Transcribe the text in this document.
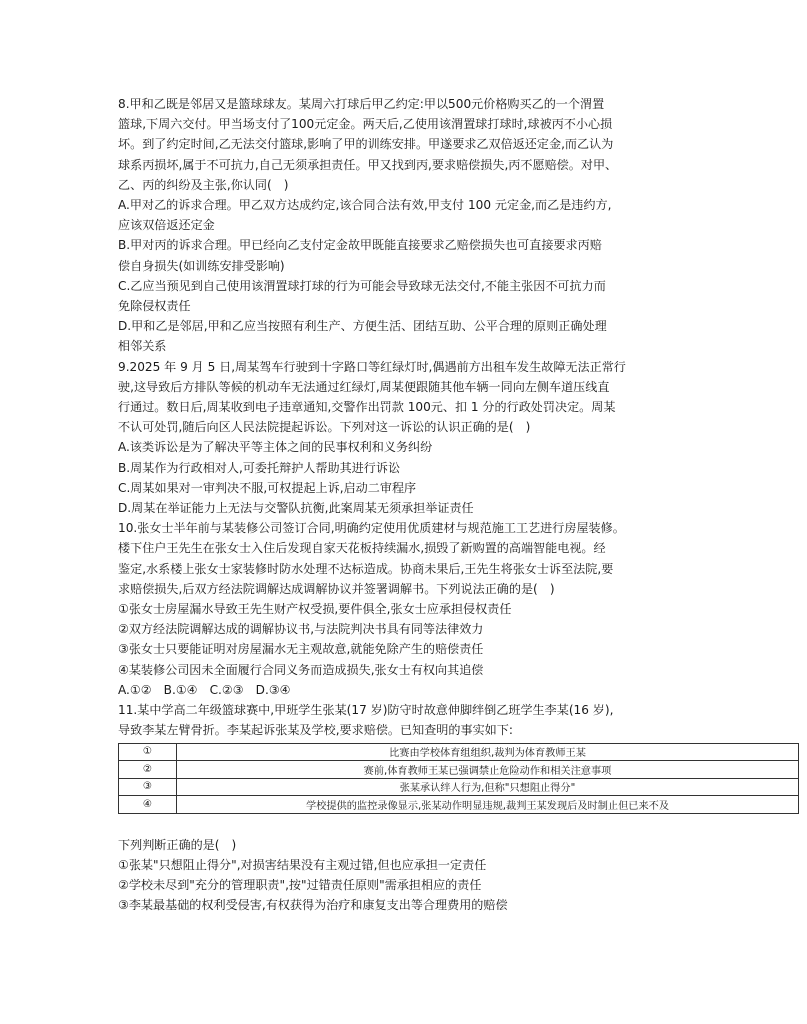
8.甲和乙既是邻居又是篮球球友。某周六打球后甲乙约定:甲以500元价格购买乙的一个渭置
篮球,下周六交付。甲当场支付了100元定金。两天后,乙使用该渭置球打球时,球被丙不小心损
坏。到了约定时间,乙无法交付篮球,影响了甲的训练安排。甲遂要求乙双倍返还定金,而乙认为
球系丙损坏,属于不可抗力,自己无须承担责任。甲又找到丙,要求赔偿损失,丙不愿赔偿。对甲、
乙、丙的纠纷及主张,你认同(　)
A.甲对乙的诉求合理。甲乙双方达成约定,该合同合法有效,甲支付 100 元定金,而乙是违约方,
应该双倍返还定金
B.甲对丙的诉求合理。甲已经向乙支付定金故甲既能直接要求乙赔偿损失也可直接要求丙赔
偿自身损失(如训练安排受影响)
C.乙应当预见到自己使用该渭置球打球的行为可能会导致球无法交付,不能主张因不可抗力而
免除侵权责任
D.甲和乙是邻居,甲和乙应当按照有利生产、方便生活、团结互助、公平合理的原则正确处理
相邻关系
9.2025 年 9 月 5 日,周某驾车行驶到十字路口等红绿灯时,偶遇前方出租车发生故障无法正常行
驶,这导致后方排队等候的机动车无法通过红绿灯,周某便跟随其他车辆一同向左侧车道压线直
行通过。数日后,周某收到电子违章通知,交警作出罚款 100元、扣 1 分的行政处罚决定。周某
不认可处罚,随后向区人民法院提起诉讼。下列对这一诉讼的认识正确的是(　)
A.该类诉讼是为了解决平等主体之间的民事权利和义务纠纷
B.周某作为行政相对人,可委托辩护人帮助其进行诉讼
C.周某如果对一审判决不服,可权提起上诉,启动二审程序
D.周某在举证能力上无法与交警队抗衡,此案周某无须承担举证责任
10.张女士半年前与某装修公司签订合同,明确约定使用优质建材与规范施工工艺进行房屋装修。
楼下住户王先生在张女士入住后发现自家天花板持续漏水,损毁了新购置的高端智能电视。经
鉴定,水系楼上张女士家装修时防水处理不达标造成。协商未果后,王先生将张女士诉至法院,要
求赔偿损失,后双方经法院调解达成调解协议并签署调解书。下列说法正确的是(　)
①张女士房屋漏水导致王先生财产权受损,要件俱全,张女士应承担侵权责任
②双方经法院调解达成的调解协议书,与法院判决书具有同等法律效力
③张女士只要能证明对房屋漏水无主观故意,就能免除产生的赔偿责任
④某装修公司因未全面履行合同义务而造成损失,张女士有权向其追偿
A.①②　B.①④　C.②③　D.③④
11.某中学高二年级篮球赛中,甲班学生张某(17 岁)防守时故意伸脚绊倒乙班学生李某(16 岁),
导致李某左臂骨折。李某起诉张某及学校,要求赔偿。已知查明的事实如下:
①	比赛由学校体育组组织,裁判为体育教师王某
②	赛前,体育教师王某已强调禁止危险动作和相关注意事项
③	张某承认绊人行为,但称"只想阻止得分"
④	学校提供的监控录像显示,张某动作明显违规,裁判王某发现后及时制止但已来不及
下列判断正确的是(　)
①张某"只想阻止得分",对损害结果没有主观过错,但也应承担一定责任
②学校未尽到"充分的管理职责",按"过错责任原则"需承担相应的责任
③李某最基础的权利受侵害,有权获得为治疗和康复支出等合理费用的赔偿
